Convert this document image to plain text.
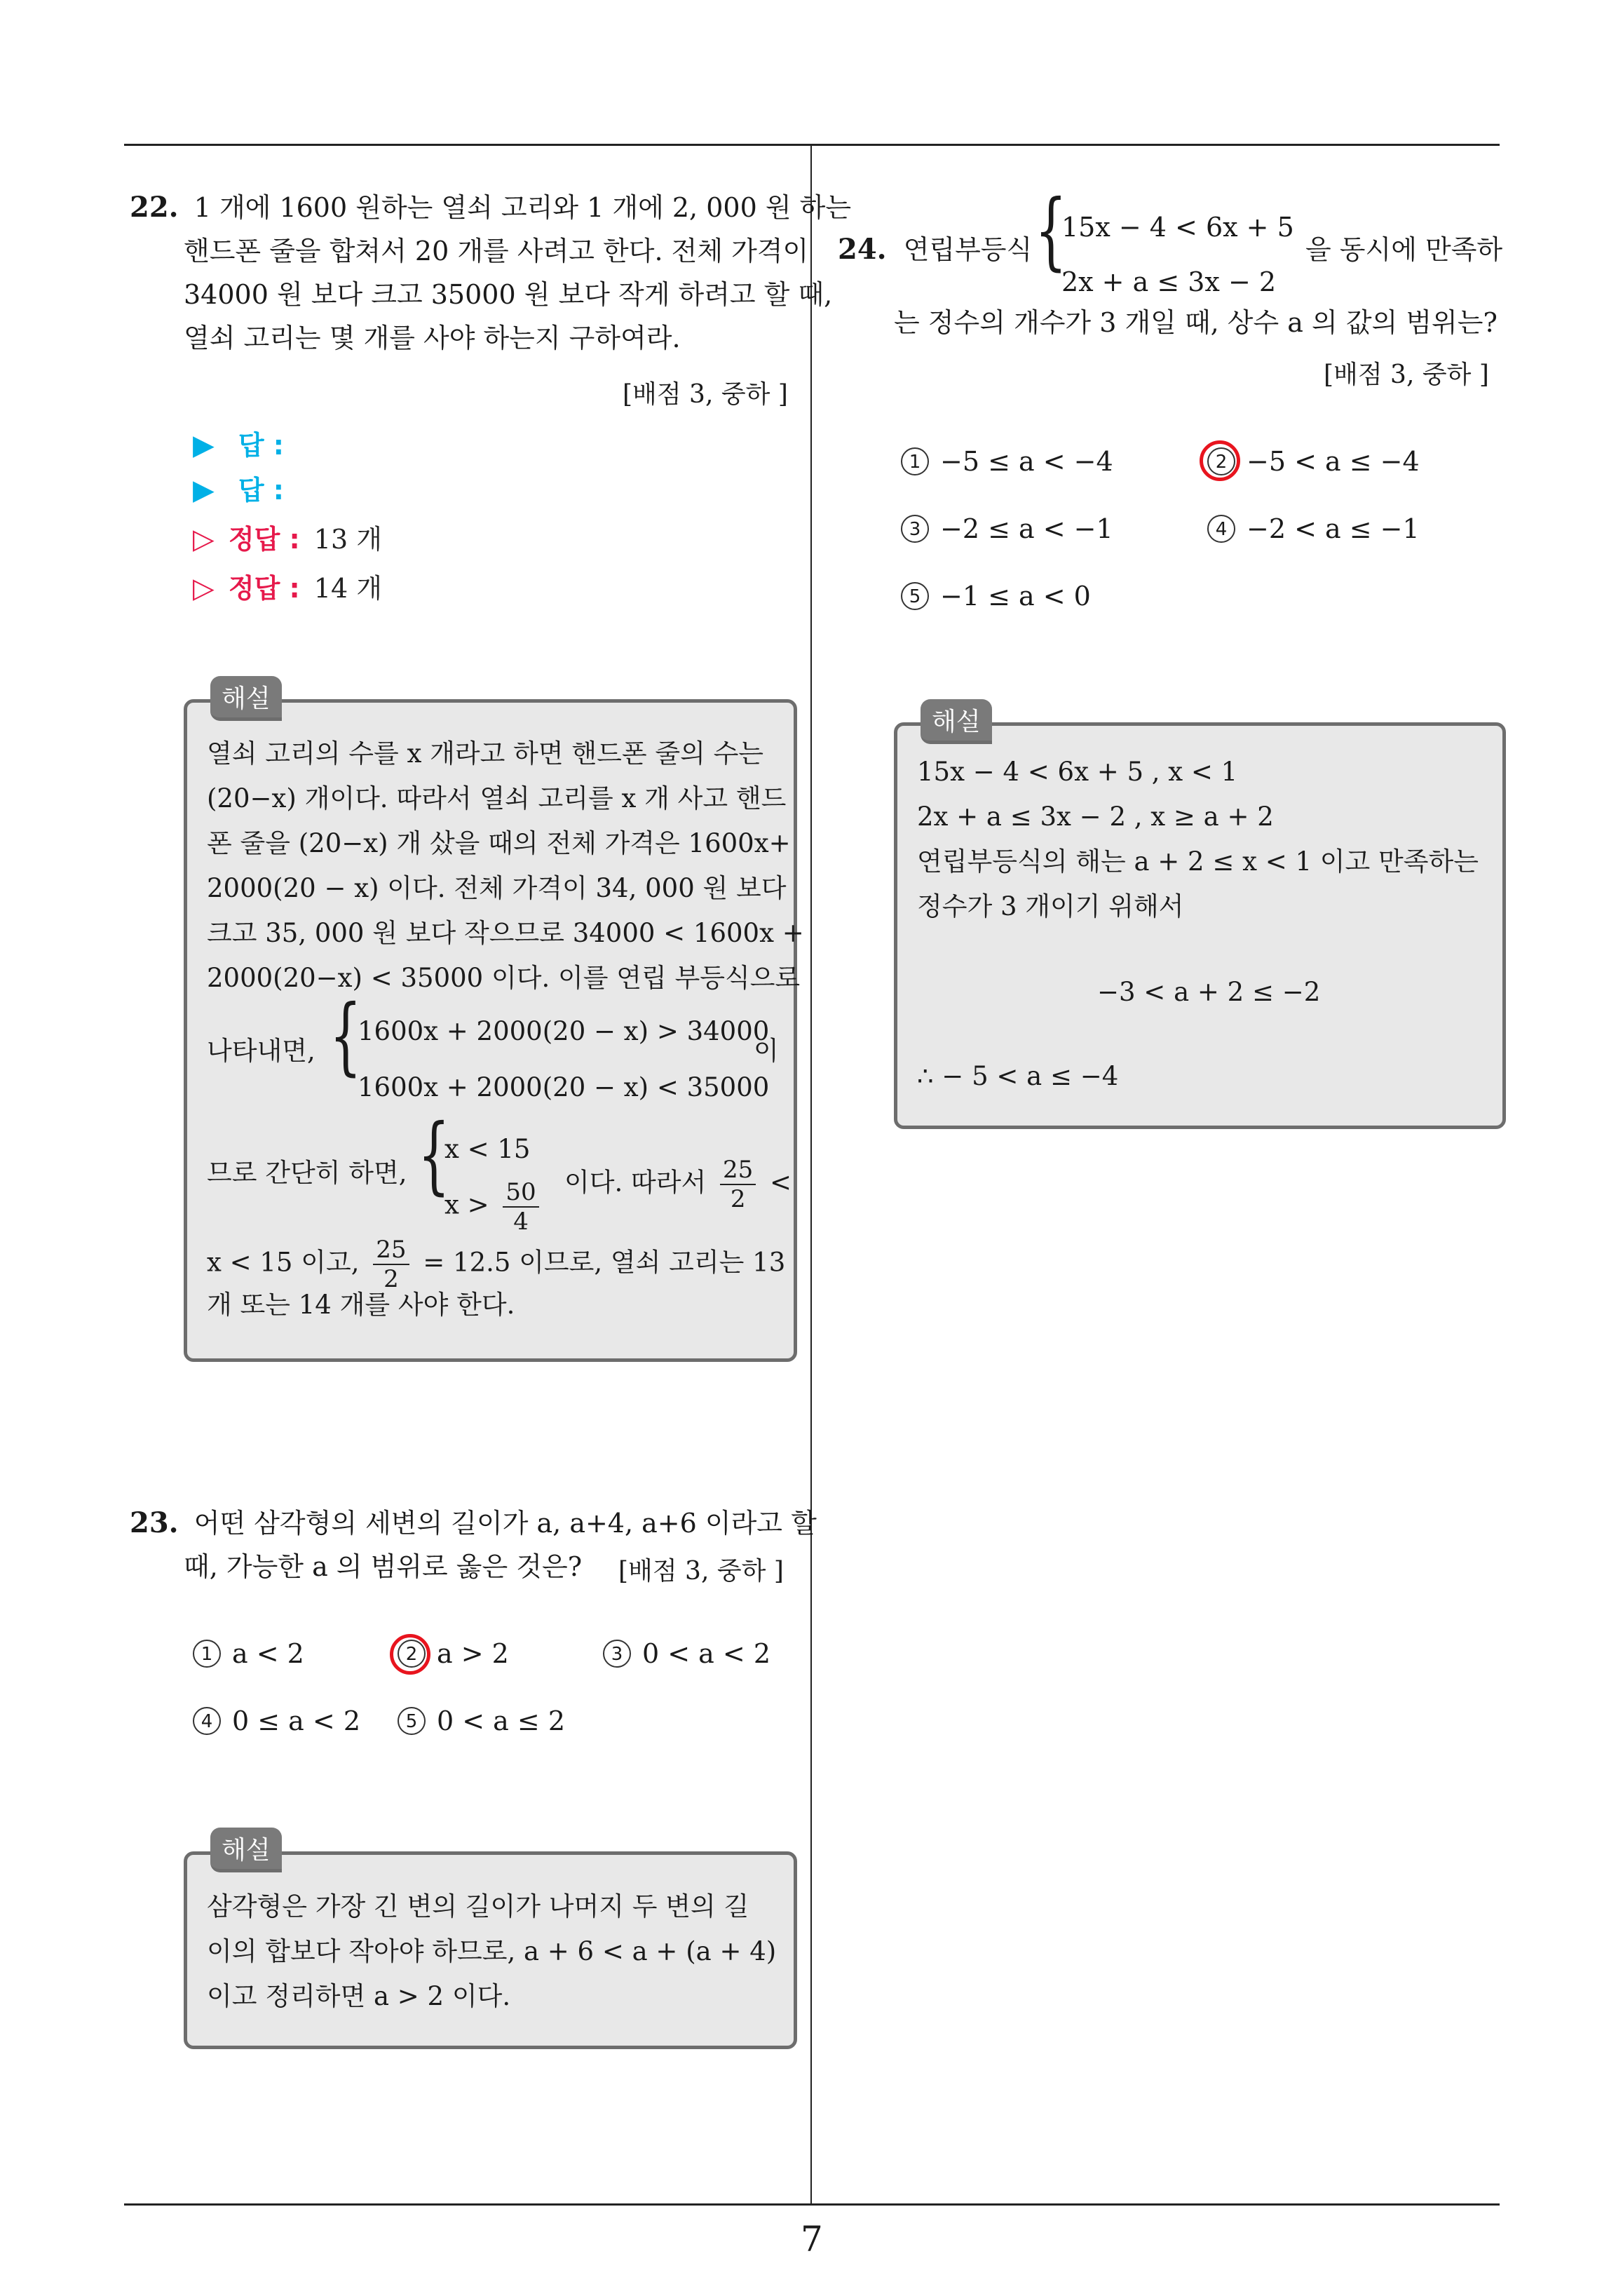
22. 1 개에 1600 원하는 열쇠 고리와 1 개에 2, 000 원 하는
핸드폰 줄을 합쳐서 20 개를 사려고 한다. 전체 가격이
34000 원 보다 크고 35000 원 보다 작게 하려고 할 때,
열쇠 고리는 몇 개를 사야 하는지 구하여라.
[배점 3, 중하 ]
▶ 답 :
▶ 답 :
▷ 정답 : 13 개
▷ 정답 : 14 개
해설
열쇠 고리의 수를 x 개라고 하면 핸드폰 줄의 수는
(20−x) 개이다. 따라서 열쇠 고리를 x 개 사고 핸드
폰 줄을 (20−x) 개 샀을 때의 전체 가격은 1600x+
2000(20 − x) 이다. 전체 가격이 34, 000 원 보다
크고 35, 000 원 보다 작으므로 34000 < 1600x +
2000(20−x) < 35000 이다. 이를 연립 부등식으로
나타내면, {
1600x + 2000(20 − x) > 34000
1600x + 2000(20 − x) < 35000
이
므로 간단히 하면, {
x < 15
$x > \frac{50}{4}$ 이다. 따라서 $\frac{25}{2}$ <
x < 15 이고, $\frac{25}{2} = 12.5$ 이므로, 열쇠 고리는 13
개 또는 14 개를 사야 한다.
23. 어떤 삼각형의 세변의 길이가 a, a+4, a+6 이라고 할
때, 가능한 a 의 범위로 옳은 것은? [배점 3, 중하 ]
1 a < 2	2 a > 2	3 0 < a < 2
4 0 ≤ a < 2	5 0 < a ≤ 2
해설
삼각형은 가장 긴 변의 길이가 나머지 두 변의 길
이의 합보다 작아야 하므로, a + 6 < a + (a + 4)
이고 정리하면 a > 2 이다.
24. 연립부등식 {
15x − 4 < 6x + 5
2x + a ≤ 3x − 2
을 동시에 만족하
는 정수의 개수가 3 개일 때, 상수 a 의 값의 범위는?
[배점 3, 중하 ]
1 −5 ≤ a < −4	2 −5 < a ≤ −4
3 −2 ≤ a < −1	4 −2 < a ≤ −1
5 −1 ≤ a < 0
해설
15x − 4 < 6x + 5 , x < 1
2x + a ≤ 3x − 2 , x ≥ a + 2
연립부등식의 해는 a + 2 ≤ x < 1 이고 만족하는
정수가 3 개이기 위해서
−3 < a + 2 ≤ −2
∴ − 5 < a ≤ −4
7
